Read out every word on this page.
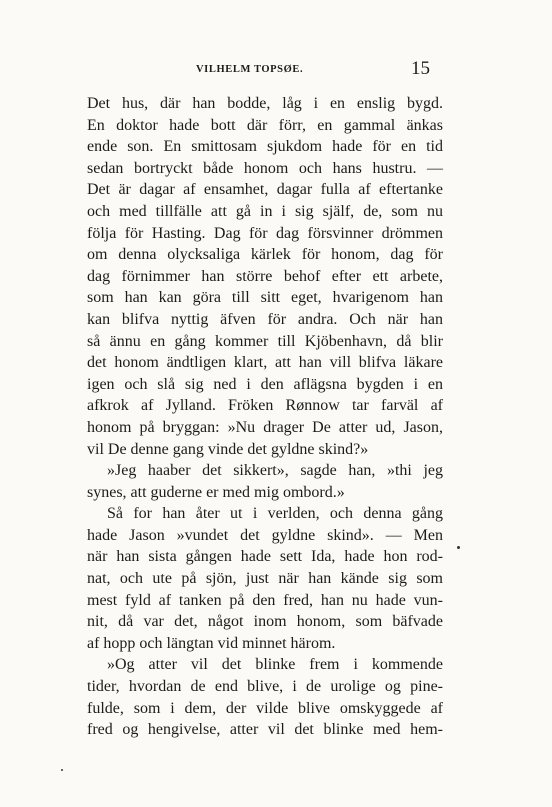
VILHELM TOPSØE.	15
Det hus, där han bodde, låg i en enslig bygd.
En doktor hade bott där förr, en gammal änkas
ende son. En smittosam sjukdom hade för en tid
sedan bortryckt både honom och hans hustru. —
Det är dagar af ensamhet, dagar fulla af eftertanke
och med tillfälle att gå in i sig själf, de, som nu
följa för Hasting. Dag för dag försvinner drömmen
om denna olycksaliga kärlek för honom, dag för
dag förnimmer han större behof efter ett arbete,
som han kan göra till sitt eget, hvarigenom han
kan blifva nyttig äfven för andra. Och när han
så ännu en gång kommer till Kjöbenhavn, då blir
det honom ändtligen klart, att han vill blifva läkare
igen och slå sig ned i den aflägsna bygden i en
afkrok af Jylland. Fröken Rønnow tar farväl af
honom på bryggan: »Nu drager De atter ud, Jason,
vil De denne gang vinde det gyldne skind?»
»Jeg haaber det sikkert», sagde han, »thi jeg
synes, att guderne er med mig ombord.»
Så for han åter ut i verlden, och denna gång
hade Jason »vundet det gyldne skind». — Men
när han sista gången hade sett Ida, hade hon rod-
nat, och ute på sjön, just när han kände sig som
mest fyld af tanken på den fred, han nu hade vun-
nit, då var det, något inom honom, som bäfvade
af hopp och längtan vid minnet härom.
»Og atter vil det blinke frem i kommende
tider, hvordan de end blive, i de urolige og pine-
fulde, som i dem, der vilde blive omskyggede af
fred og hengivelse, atter vil det blinke med hem-
